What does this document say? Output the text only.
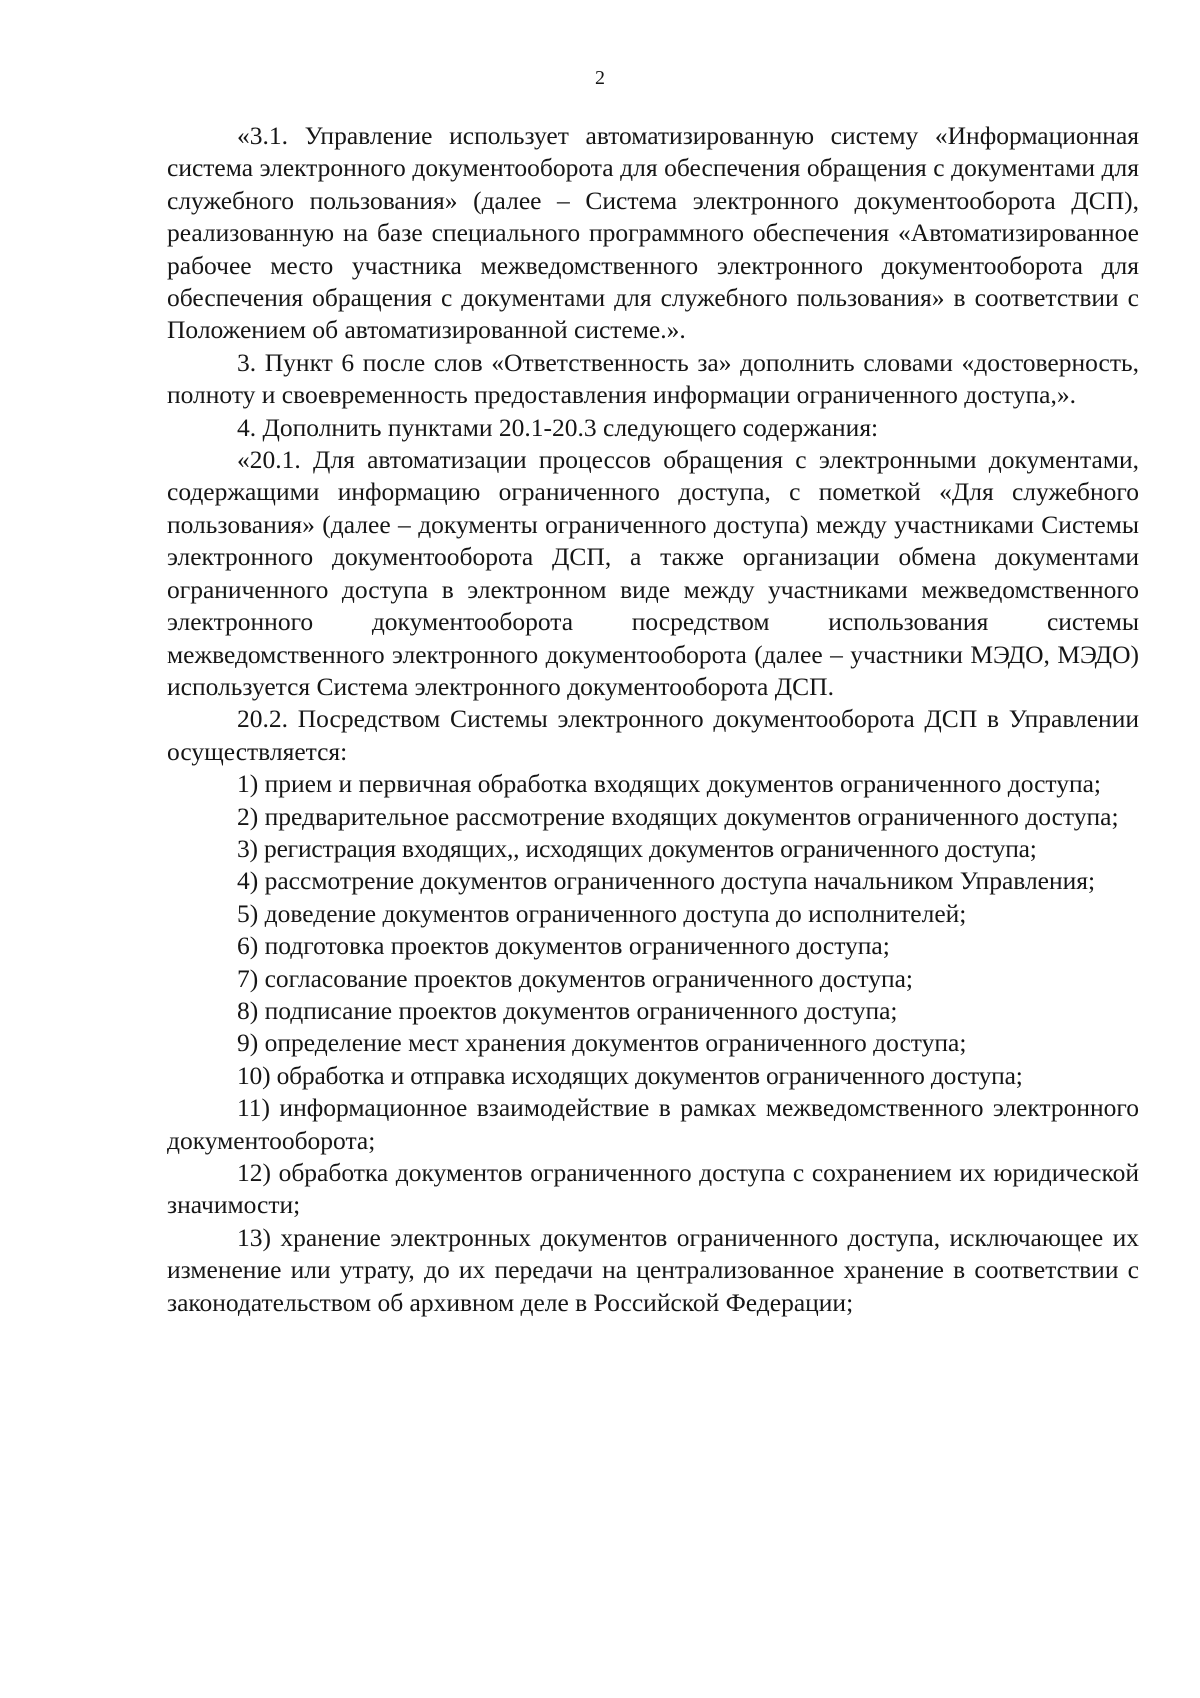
2

«3.1. Управление использует автоматизированную систему «Информационная система электронного документооборота для обеспечения обращения с документами для служебного пользования» (далее – Система электронного документооборота ДСП), реализованную на базе специального программного обеспечения «Автоматизированное рабочее место участника межведомственного электронного документооборота для обеспечения обращения с документами для служебного пользования» в соответствии с Положением об автоматизированной системе.».

3. Пункт 6 после слов «Ответственность за» дополнить словами «достоверность, полноту и своевременность предоставления информации ограниченного доступа,».

4. Дополнить пунктами 20.1-20.3 следующего содержания:

«20.1. Для автоматизации процессов обращения с электронными документами, содержащими информацию ограниченного доступа, с пометкой «Для служебного пользования» (далее – документы ограниченного доступа) между участниками Системы электронного документооборота ДСП, а также организации обмена документами ограниченного доступа в электронном виде между участниками межведомственного электронного документооборота посредством использования системы межведомственного электронного документооборота (далее – участники МЭДО, МЭДО) используется Система электронного документооборота ДСП.

20.2. Посредством Системы электронного документооборота ДСП в Управлении осуществляется:

1) прием и первичная обработка входящих документов ограниченного доступа;

2) предварительное рассмотрение входящих документов ограниченного доступа;

3) регистрация входящих,, исходящих документов ограниченного доступа;

4) рассмотрение документов ограниченного доступа начальником Управления;

5) доведение документов ограниченного доступа до исполнителей;

6) подготовка проектов документов ограниченного доступа;

7) согласование проектов документов ограниченного доступа;

8) подписание проектов документов ограниченного доступа;

9) определение мест хранения документов ограниченного доступа;

10) обработка и отправка исходящих документов ограниченного доступа;

11) информационное взаимодействие в рамках межведомственного электронного документооборота;

12) обработка документов ограниченного доступа с сохранением их юридической значимости;

13) хранение электронных документов ограниченного доступа, исключающее их изменение или утрату, до их передачи на централизованное хранение в соответствии с законодательством об архивном деле в Российской Федерации;
